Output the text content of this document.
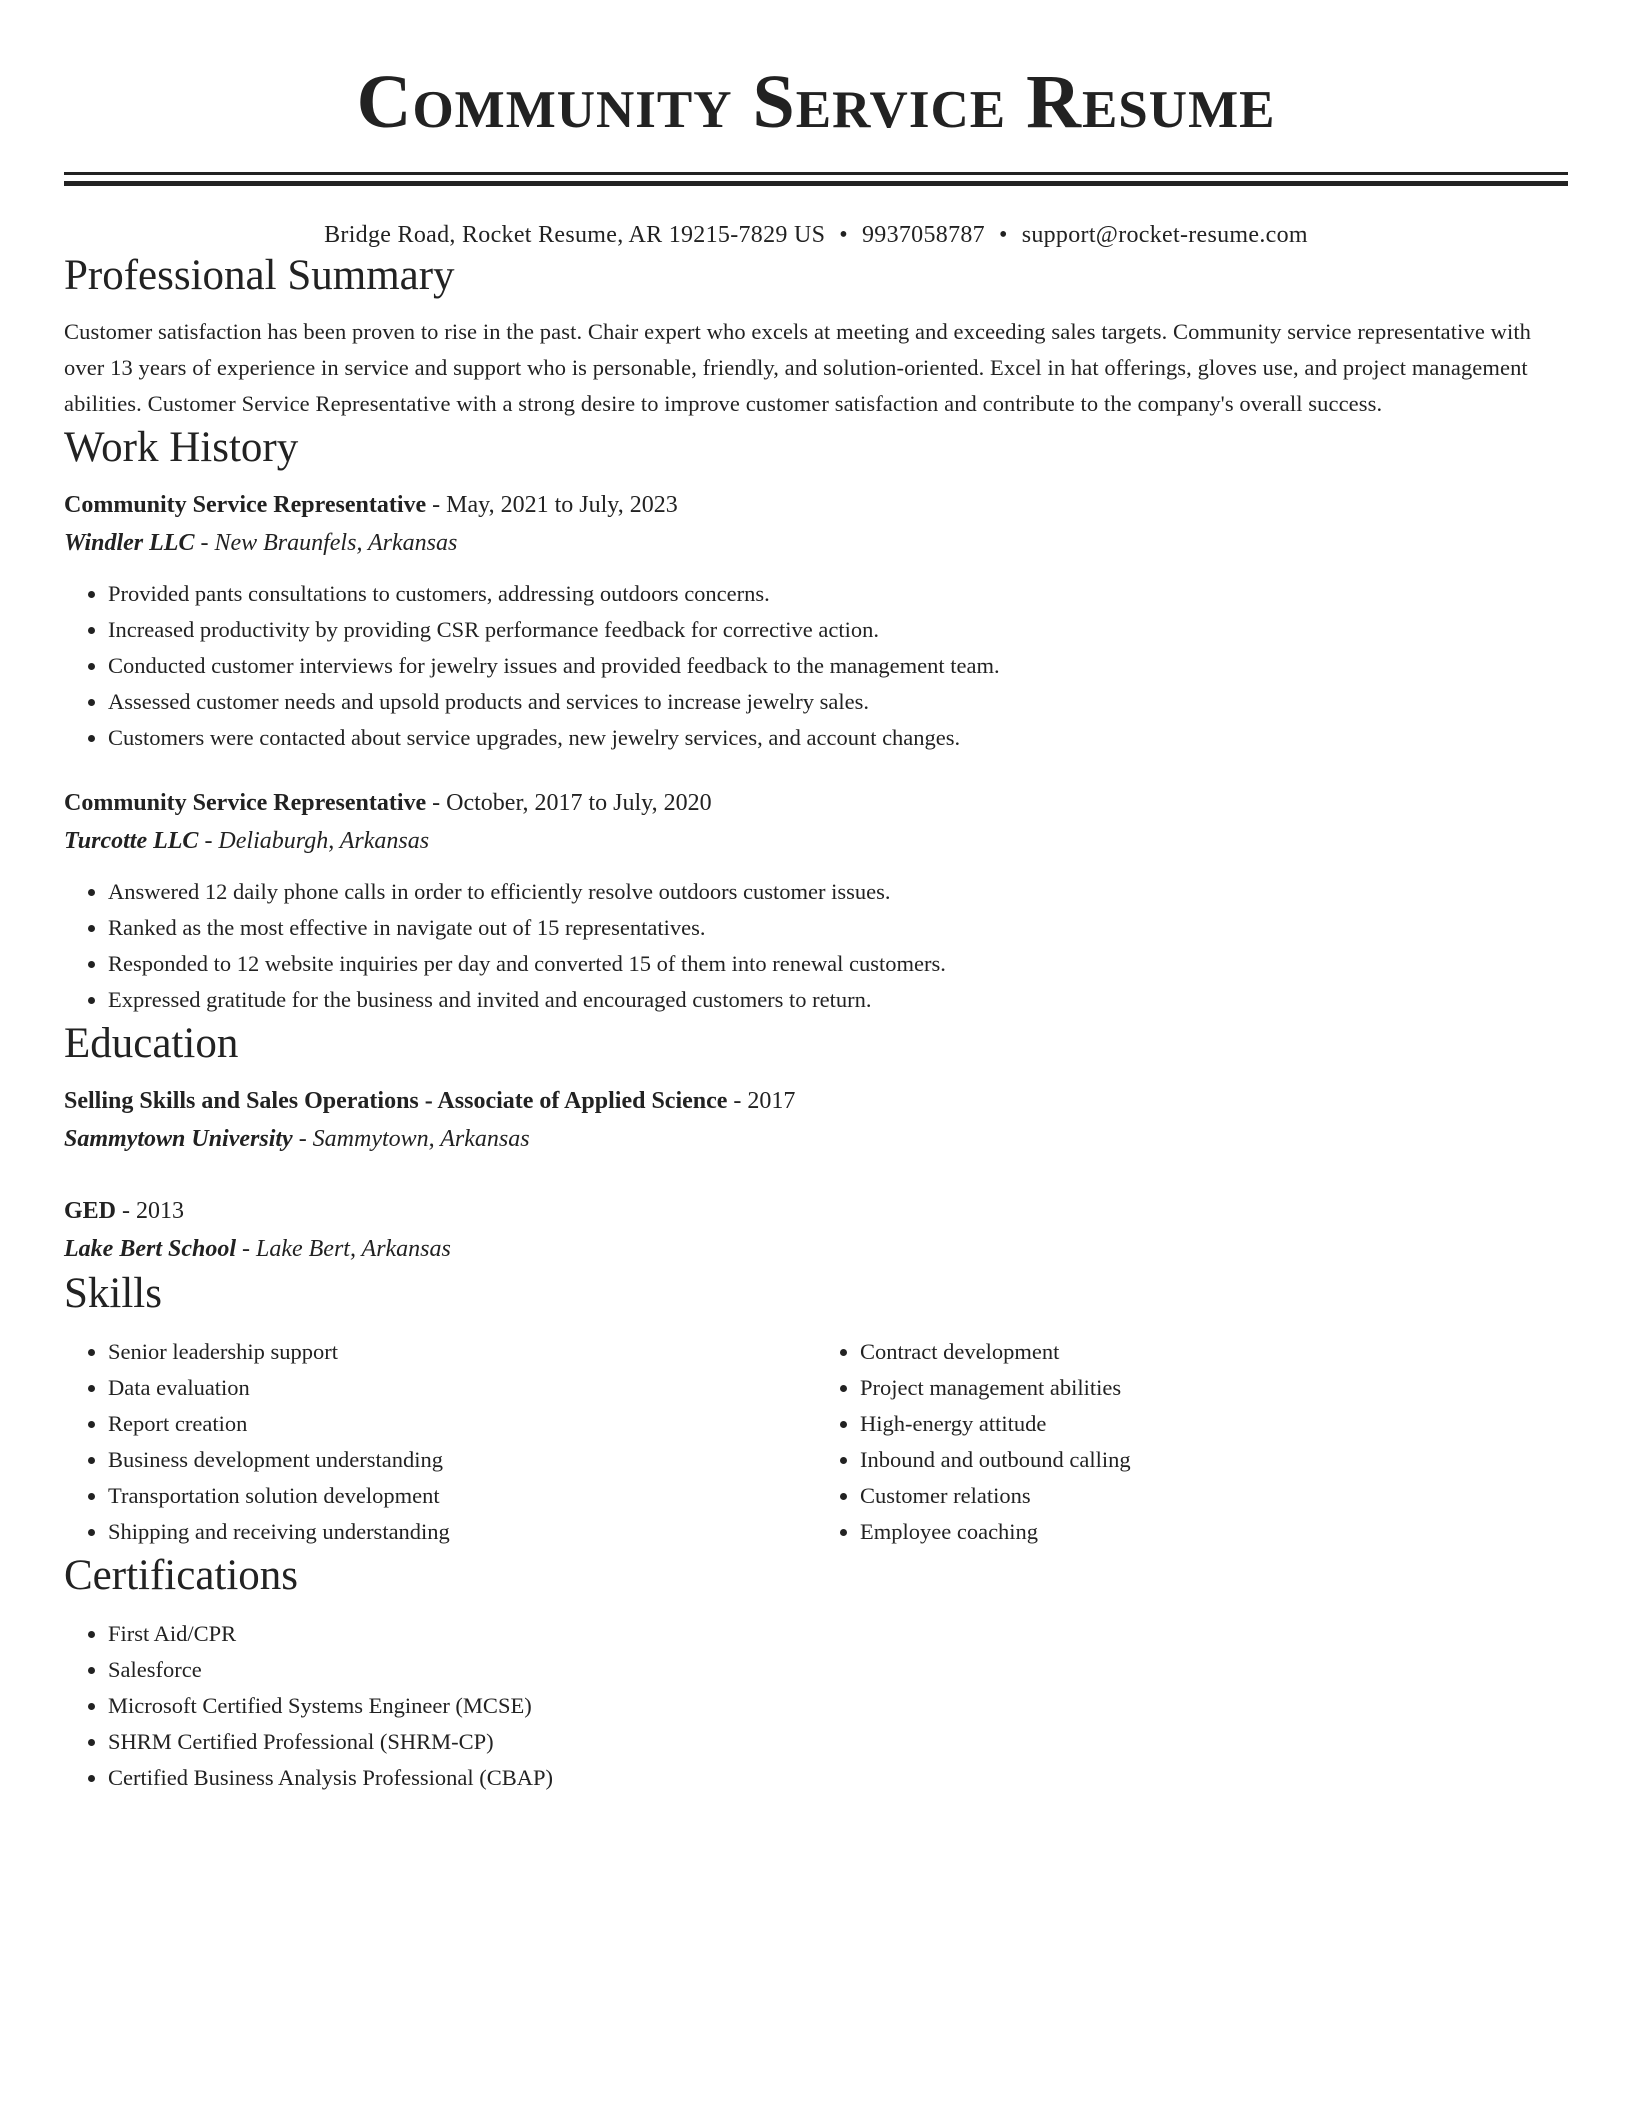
Community Service Resume
Bridge Road, Rocket Resume, AR 19215-7829 US • 9937058787 • support@rocket-resume.com
Professional Summary
Customer satisfaction has been proven to rise in the past. Chair expert who excels at meeting and exceeding sales targets. Community service representative with over 13 years of experience in service and support who is personable, friendly, and solution-oriented. Excel in hat offerings, gloves use, and project management abilities. Customer Service Representative with a strong desire to improve customer satisfaction and contribute to the company's overall success.
Work History
Community Service Representative - May, 2021 to July, 2023
Windler LLC - New Braunfels, Arkansas
• Provided pants consultations to customers, addressing outdoors concerns.
• Increased productivity by providing CSR performance feedback for corrective action.
• Conducted customer interviews for jewelry issues and provided feedback to the management team.
• Assessed customer needs and upsold products and services to increase jewelry sales.
• Customers were contacted about service upgrades, new jewelry services, and account changes.
Community Service Representative - October, 2017 to July, 2020
Turcotte LLC - Deliaburgh, Arkansas
• Answered 12 daily phone calls in order to efficiently resolve outdoors customer issues.
• Ranked as the most effective in navigate out of 15 representatives.
• Responded to 12 website inquiries per day and converted 15 of them into renewal customers.
• Expressed gratitude for the business and invited and encouraged customers to return.
Education
Selling Skills and Sales Operations - Associate of Applied Science - 2017
Sammytown University - Sammytown, Arkansas
GED - 2013
Lake Bert School - Lake Bert, Arkansas
Skills
• Senior leadership support
• Data evaluation
• Report creation
• Business development understanding
• Transportation solution development
• Shipping and receiving understanding
• Contract development
• Project management abilities
• High-energy attitude
• Inbound and outbound calling
• Customer relations
• Employee coaching
Certifications
• First Aid/CPR
• Salesforce
• Microsoft Certified Systems Engineer (MCSE)
• SHRM Certified Professional (SHRM-CP)
• Certified Business Analysis Professional (CBAP)
